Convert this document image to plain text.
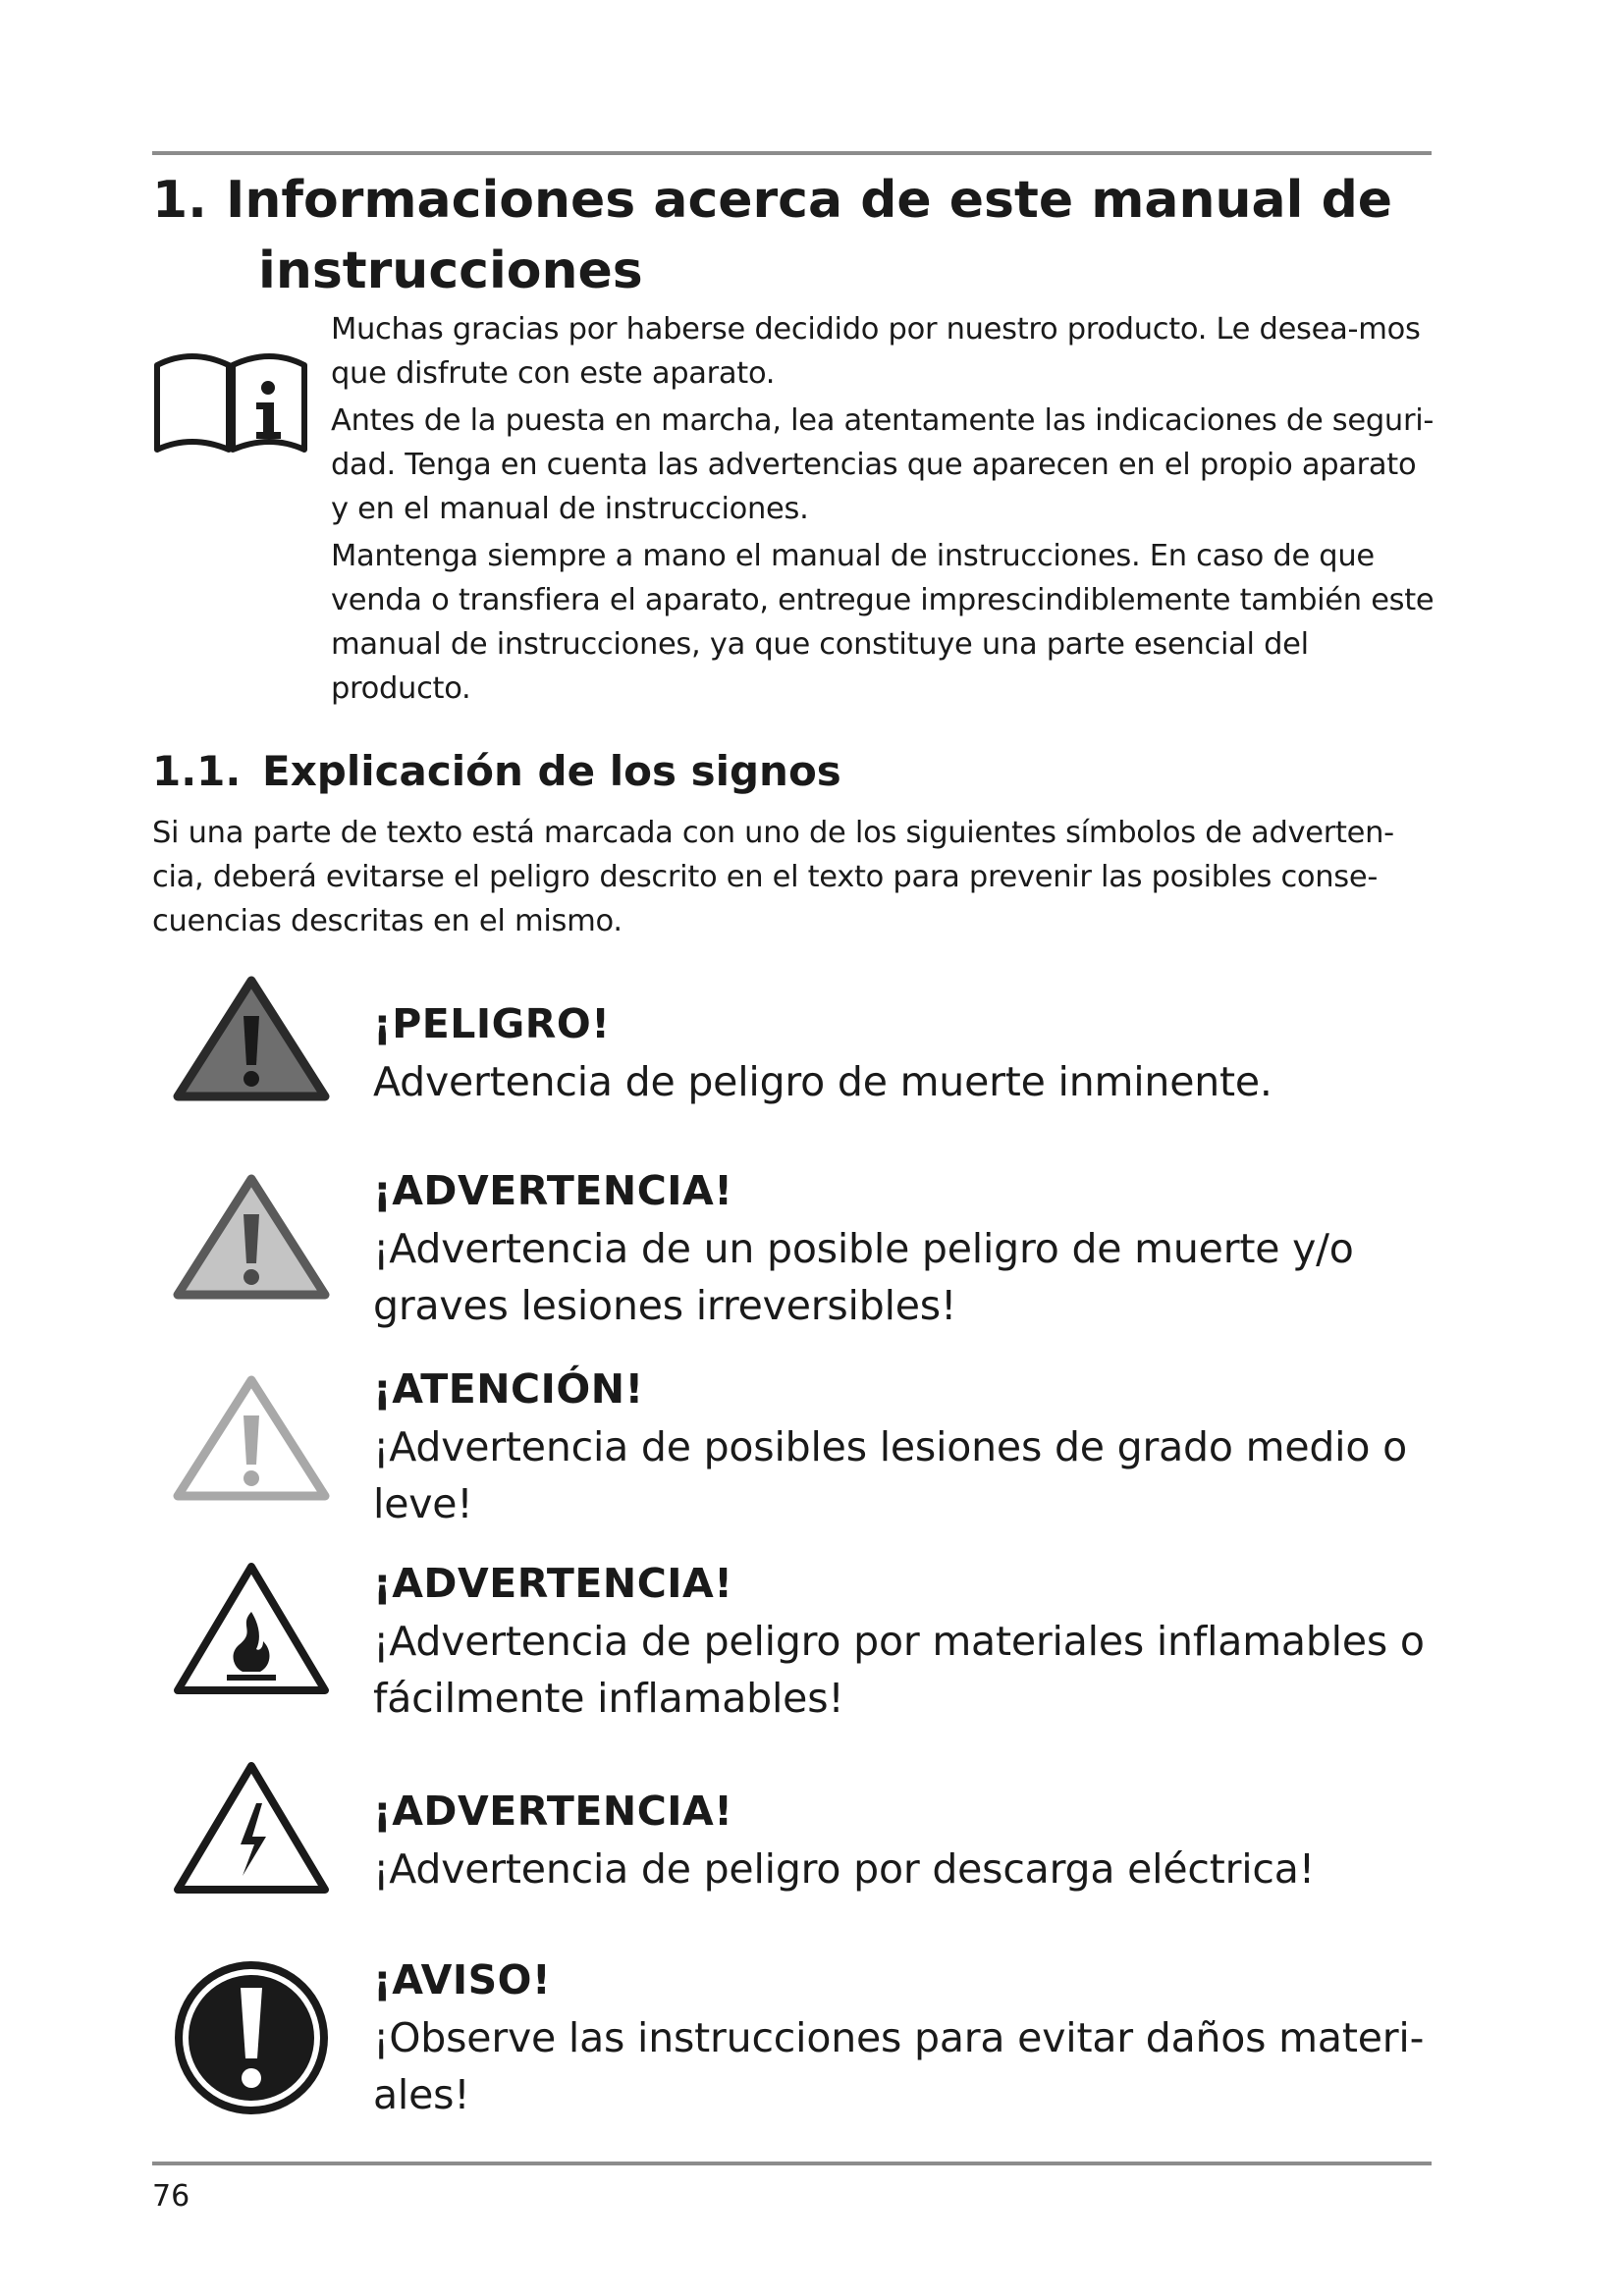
1. Informaciones acerca de este manual de
instrucciones

Muchas gracias por haberse decidido por nuestro producto. Le desea-mos que disfrute con este aparato.

Antes de la puesta en marcha, lea atentamente las indicaciones de seguri-dad. Tenga en cuenta las advertencias que aparecen en el propio aparato y en el manual de instrucciones.

Mantenga siempre a mano el manual de instrucciones. En caso de que venda o transfiera el aparato, entregue imprescindiblemente también este manual de instrucciones, ya que constituye una parte esencial del producto.

1.1. Explicación de los signos

Si una parte de texto está marcada con uno de los siguientes símbolos de adverten-cia, deberá evitarse el peligro descrito en el texto para prevenir las posibles conse-cuencias descritas en el mismo.

¡PELIGRO!
Advertencia de peligro de muerte inminente.
¡ADVERTENCIA!
¡Advertencia de un posible peligro de muerte y/o graves lesiones irreversibles!
¡ATENCIÓN!
¡Advertencia de posibles lesiones de grado medio o leve!
¡ADVERTENCIA!
¡Advertencia de peligro por materiales inflamables o fácilmente inflamables!
¡ADVERTENCIA!
¡Advertencia de peligro por descarga eléctrica!
¡AVISO!
¡Observe las instrucciones para evitar daños materi-ales!
76
